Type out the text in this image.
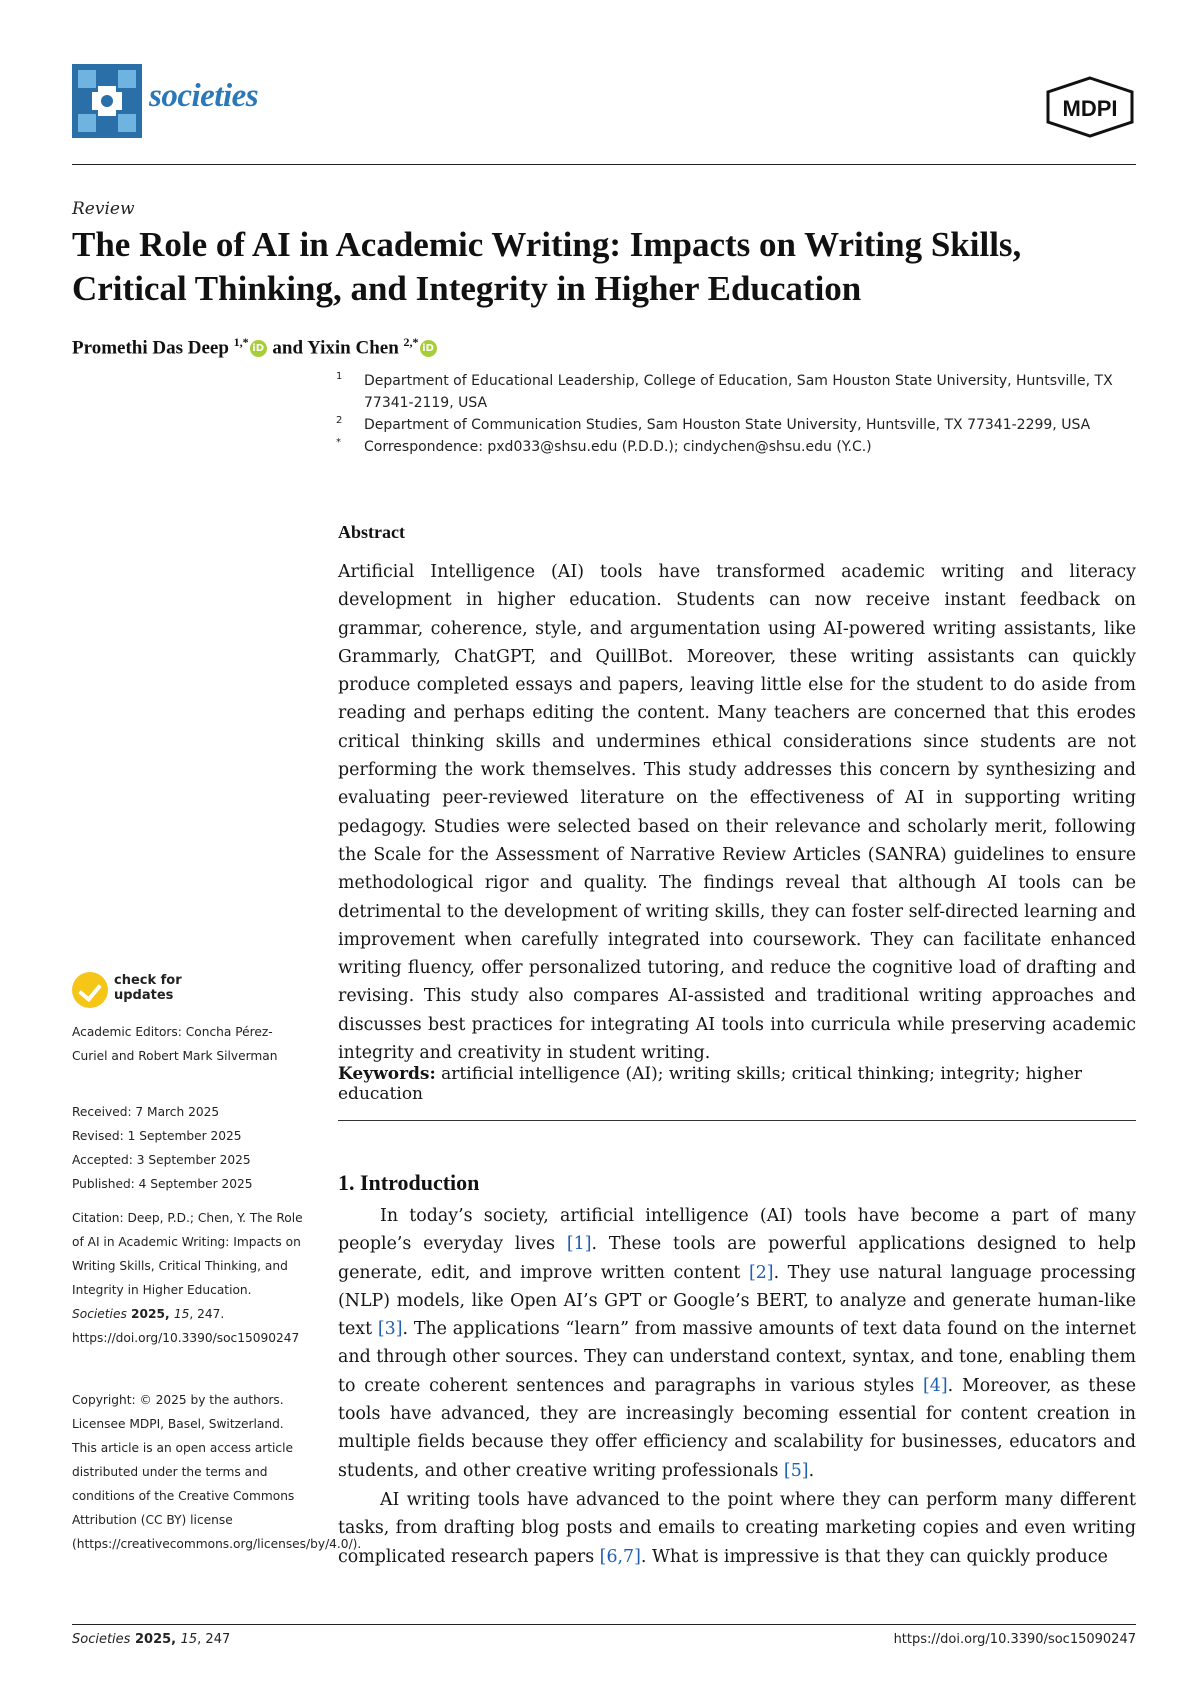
societies	MDPI
Review
The Role of AI in Academic Writing: Impacts on Writing Skills, Critical Thinking, and Integrity in Higher Education
Promethi Das Deep $^{1,*}$ iD and Yixin Chen $^{2,*}$ iD
1 Department of Educational Leadership, College of Education, Sam Houston State University, Huntsville, TX 77341-2119, USA
2 Department of Communication Studies, Sam Houston State University, Huntsville, TX 77341-2299, USA
* Correspondence: pxd033@shsu.edu (P.D.D.); cindychen@shsu.edu (Y.C.)
Abstract

Artificial Intelligence (AI) tools have transformed academic writing and literacy development in higher education. Students can now receive instant feedback on grammar, coherence, style, and argumentation using AI-powered writing assistants, like Grammarly, ChatGPT, and QuillBot. Moreover, these writing assistants can quickly produce completed essays and papers, leaving little else for the student to do aside from reading and perhaps editing the content. Many teachers are concerned that this erodes critical thinking skills and undermines ethical considerations since students are not performing the work themselves. This study addresses this concern by synthesizing and evaluating peer-reviewed literature on the effectiveness of AI in supporting writing pedagogy. Studies were selected based on their relevance and scholarly merit, following the Scale for the Assessment of Narrative Review Articles (SANRA) guidelines to ensure methodological rigor and quality. The findings reveal that although AI tools can be detrimental to the development of writing skills, they can foster self-directed learning and improvement when carefully integrated into coursework. They can facilitate enhanced writing fluency, offer personalized tutoring, and reduce the cognitive load of drafting and revising. This study also compares AI-assisted and traditional writing approaches and discusses best practices for integrating AI tools into curricula while preserving academic integrity and creativity in student writing.

Keywords: artificial intelligence (AI); writing skills; critical thinking; integrity; higher education
1. Introduction

In today’s society, artificial intelligence (AI) tools have become a part of many people’s everyday lives [1]. These tools are powerful applications designed to help generate, edit, and improve written content [2]. They use natural language processing (NLP) models, like Open AI’s GPT or Google’s BERT, to analyze and generate human-like text [3]. The applications “learn” from massive amounts of text data found on the internet and through other sources. They can understand context, syntax, and tone, enabling them to create coherent sentences and paragraphs in various styles [4]. Moreover, as these tools have advanced, they are increasingly becoming essential for content creation in multiple fields because they offer efficiency and scalability for businesses, educators and students, and other creative writing professionals [5].

AI writing tools have advanced to the point where they can perform many different tasks, from drafting blog posts and emails to creating marketing copies and even writing complicated research papers [6,7]. What is impressive is that they can quickly produce

check for updates

Academic Editors: Concha Pérez-Curiel and Robert Mark Silverman

Received: 7 March 2025

Revised: 1 September 2025

Accepted: 3 September 2025

Published: 4 September 2025

Citation: Deep, P.D.; Chen, Y. The Role of AI in Academic Writing: Impacts on Writing Skills, Critical Thinking, and Integrity in Higher Education. Societies 2025, 15, 247. https://doi.org/10.3390/soc15090247

Copyright: © 2025 by the authors. Licensee MDPI, Basel, Switzerland. This article is an open access article distributed under the terms and conditions of the Creative Commons Attribution (CC BY) license (https://creativecommons.org/licenses/by/4.0/).

Societies 2025, 15, 247	https://doi.org/10.3390/soc15090247
